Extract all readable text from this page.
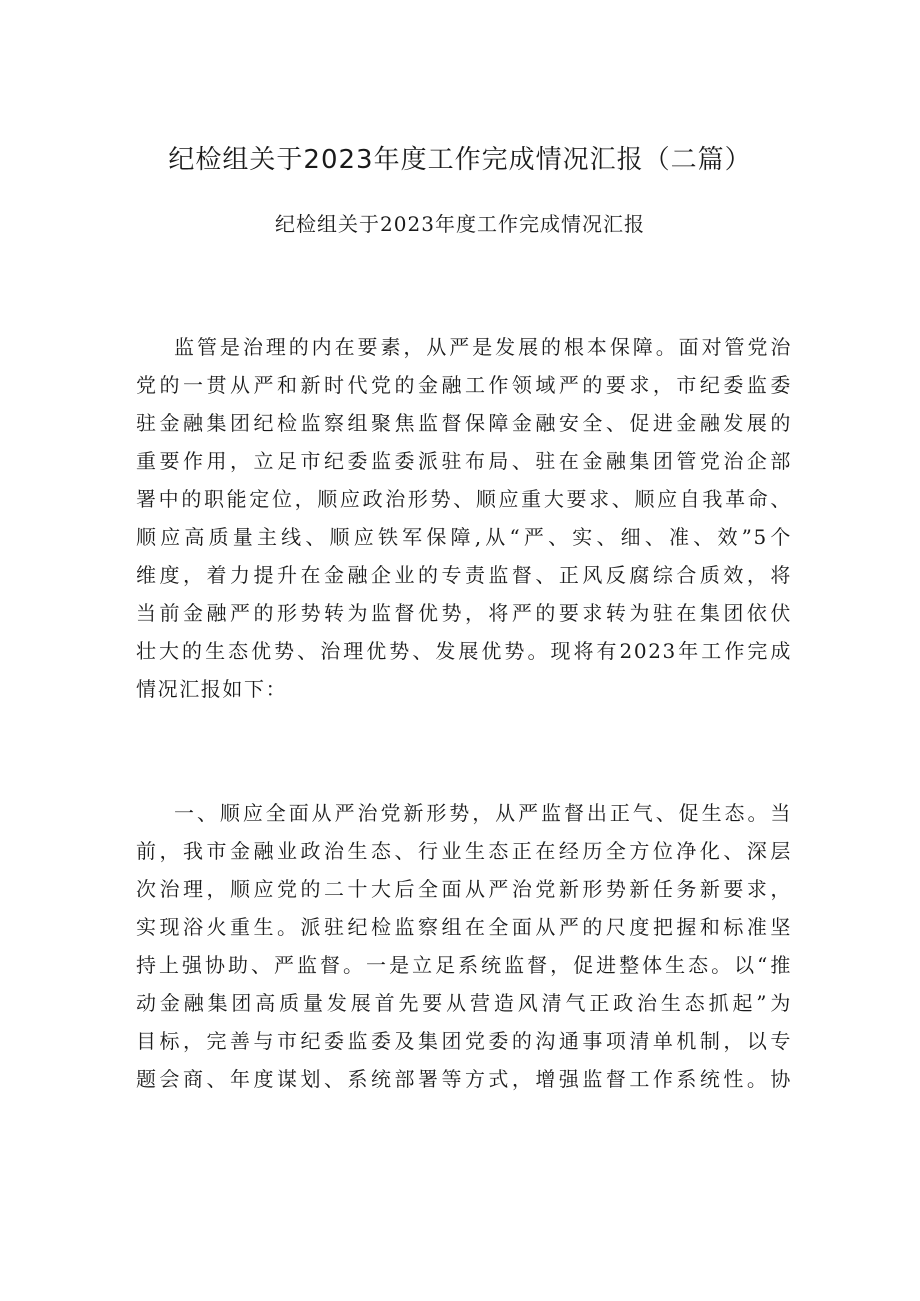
纪检组关于2023年度工作完成情况汇报（二篇）
纪检组关于2023年度工作完成情况汇报
监管是治理的内在要素，从严是发展的根本保障。面对管党治
党的一贯从严和新时代党的金融工作领域严的要求，市纪委监委
驻金融集团纪检监察组聚焦监督保障金融安全、促进金融发展的
重要作用，立足市纪委监委派驻布局、驻在金融集团管党治企部
署中的职能定位，顺应政治形势、顺应重大要求、顺应自我革命、
顺应高质量主线、顺应铁军保障,从“严、实、细、准、效”5个
维度，着力提升在金融企业的专责监督、正风反腐综合质效，将
当前金融严的形势转为监督优势，将严的要求转为驻在集团依伏
壮大的生态优势、治理优势、发展优势。现将有2023年工作完成
情况汇报如下：
一、顺应全面从严治党新形势，从严监督出正气、促生态。当
前，我市金融业政治生态、行业生态正在经历全方位净化、深层
次治理，顺应党的二十大后全面从严治党新形势新任务新要求，
实现浴火重生。派驻纪检监察组在全面从严的尺度把握和标准坚
持上强协助、严监督。一是立足系统监督，促进整体生态。以“推
动金融集团高质量发展首先要从营造风清气正政治生态抓起”为
目标，完善与市纪委监委及集团党委的沟通事项清单机制，以专
题会商、年度谋划、系统部署等方式，增强监督工作系统性。协
